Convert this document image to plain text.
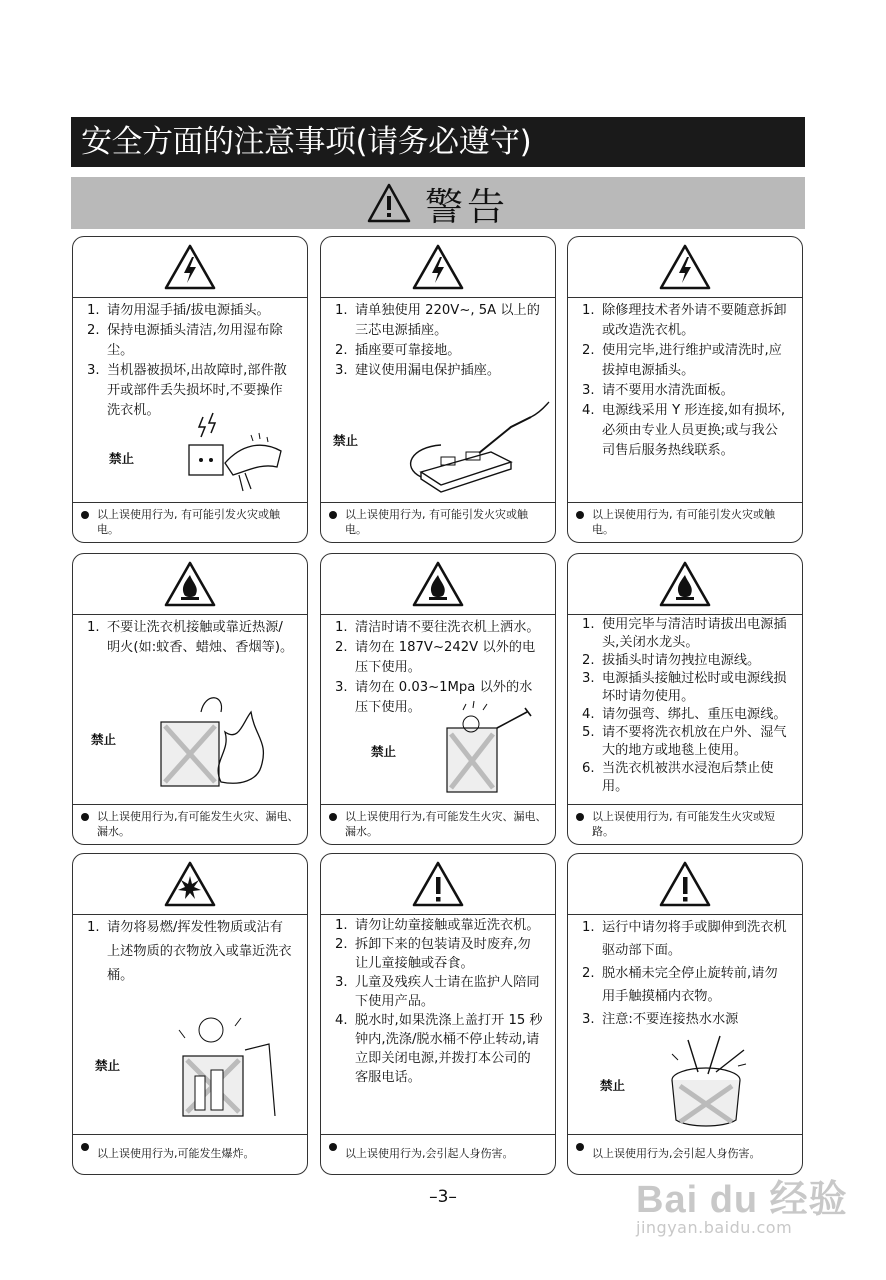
安全方面的注意事项(请务必遵守)
警告
1. 请勿用湿手插/拔电源插头。
2. 保持电源插头清洁,勿用湿布除尘。
3. 当机器被损坏,出故障时,部件散开或部件丢失损坏时,不要操作洗衣机。
禁止
以上误使用行为, 有可能引发火灾或触电。
1. 请单独使用 220V~, 5A 以上的三芯电源插座。
2. 插座要可靠接地。
3. 建议使用漏电保护插座。
禁止
以上误使用行为, 有可能引发火灾或触电。
1. 除修理技术者外请不要随意拆卸或改造洗衣机。
2. 使用完毕,进行维护或清洗时,应拔掉电源插头。
3. 请不要用水清洗面板。
4. 电源线采用 Y 形连接,如有损坏,必须由专业人员更换;或与我公司售后服务热线联系。
以上误使用行为, 有可能引发火灾或触电。
1. 不要让洗衣机接触或靠近热源/明火(如:蚊香、蜡烛、香烟等)。
禁止
以上误使用行为,有可能发生火灾、漏电、漏水。
1. 清洁时请不要往洗衣机上洒水。
2. 请勿在 187V~242V 以外的电压下使用。
3. 请勿在 0.03~1Mpa 以外的水压下使用。
禁止
以上误使用行为,有可能发生火灾、漏电、漏水。
1. 使用完毕与清洁时请拔出电源插头,关闭水龙头。
2. 拔插头时请勿拽拉电源线。
3. 电源插头接触过松时或电源线损坏时请勿使用。
4. 请勿强弯、绑扎、重压电源线。
5. 请不要将洗衣机放在户外、湿气大的地方或地毯上使用。
6. 当洗衣机被洪水浸泡后禁止使用。
以上误使用行为, 有可能发生火灾或短路。
1. 请勿将易燃/挥发性物质或沾有上述物质的衣物放入或靠近洗衣桶。
禁止
以上误使用行为,可能发生爆炸。
1. 请勿让幼童接触或靠近洗衣机。
2. 拆卸下来的包装请及时废弃,勿让儿童接触或吞食。
3. 儿童及残疾人士请在监护人陪同下使用产品。
4. 脱水时,如果洗涤上盖打开 15 秒钟内,洗涤/脱水桶不停止转动,请立即关闭电源,并拨打本公司的客服电话。
以上误使用行为,会引起人身伤害。
1. 运行中请勿将手或脚伸到洗衣机驱动部下面。
2. 脱水桶未完全停止旋转前,请勿用手触摸桶内衣物。
3. 注意:不要连接热水水源
禁止
以上误使用行为,会引起人身伤害。
–3–	Bai du 经验
jingyan.baidu.com
